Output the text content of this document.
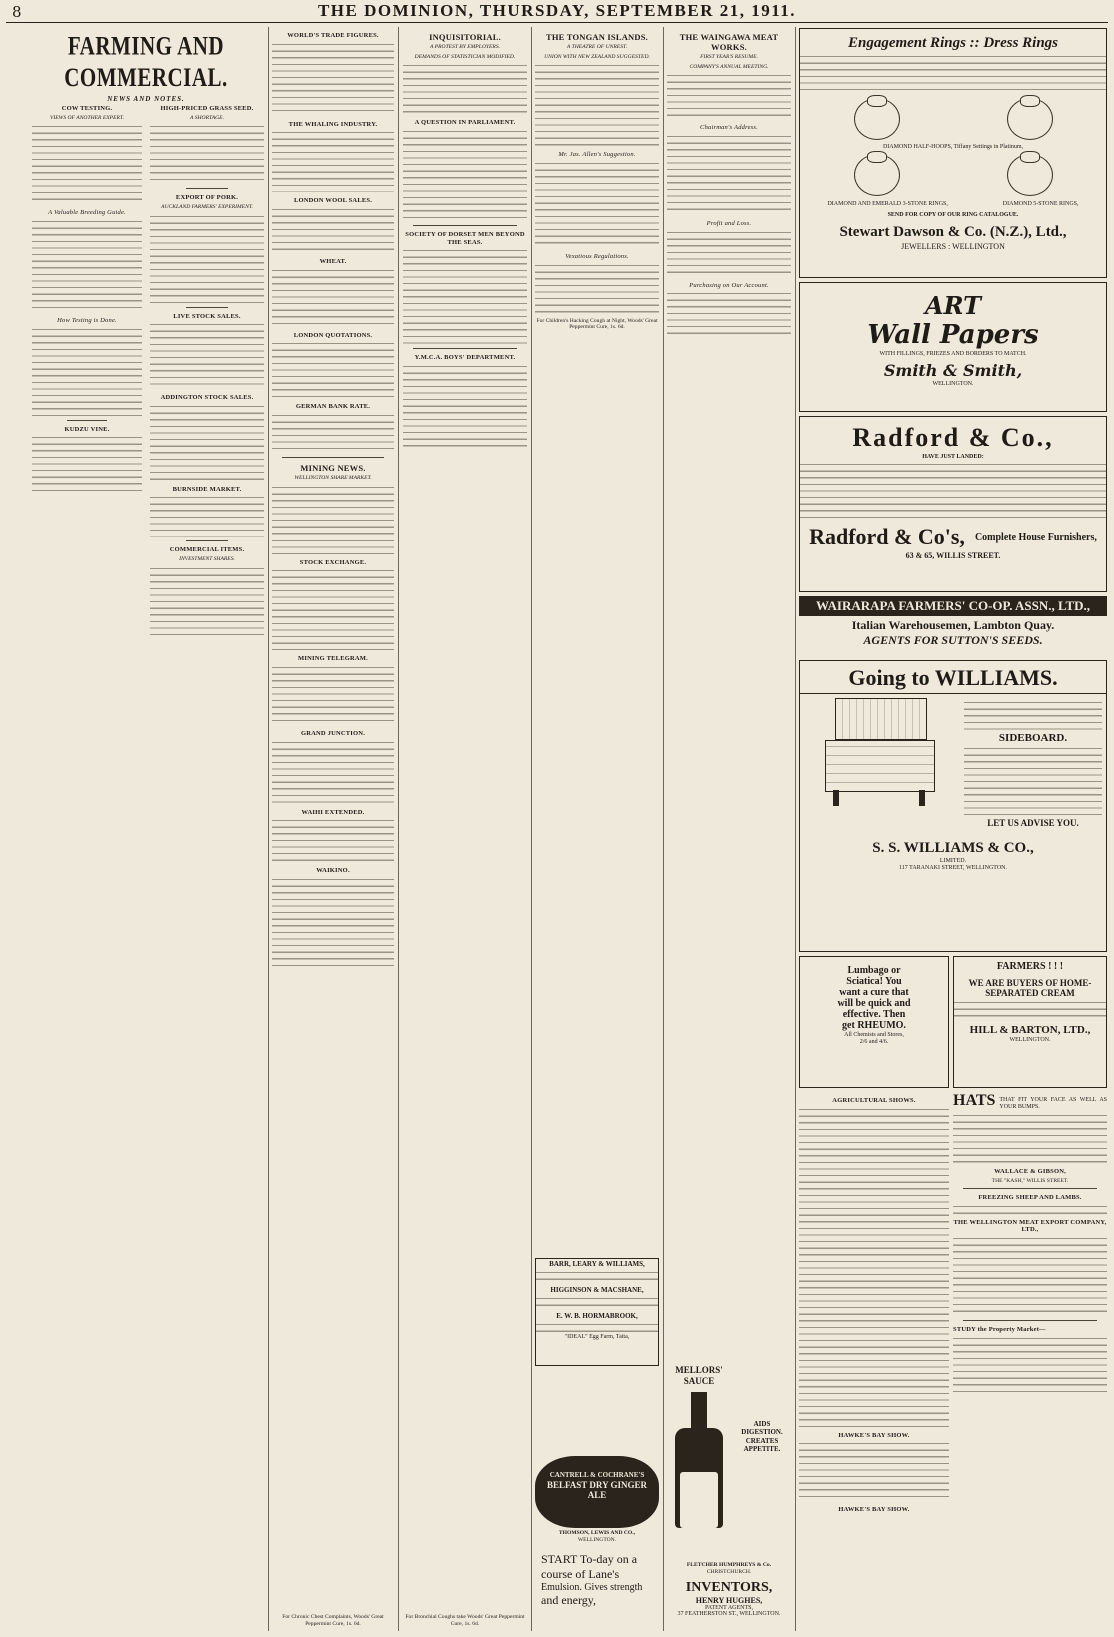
8	THE DOMINION, THURSDAY, SEPTEMBER 21, 1911.
FARMING AND COMMERCIAL.
NEWS AND NOTES.
COW TESTING.
VIEWS OF ANOTHER EXPERT.
A Valuable Breeding Guide.
How Testing is Done.
KUDZU VINE.
HIGH-PRICED GRASS SEED.
A SHORTAGE.
EXPORT OF PORK.
AUCKLAND FARMERS' EXPERIMENT.
LIVE STOCK SALES.
ADDINGTON STOCK SALES.
BURNSIDE MARKET.
COMMERCIAL ITEMS.
INVESTMENT SHARES.
WORLD'S TRADE FIGURES.
THE WHALING INDUSTRY.
LONDON WOOL SALES.
WHEAT.
LONDON QUOTATIONS.
GERMAN BANK RATE.
MINING NEWS.
WELLINGTON SHARE MARKET.
STOCK EXCHANGE.
MINING TELEGRAM.
GRAND JUNCTION.
WAIHI EXTENDED.
WAIKINO.
For Chronic Chest Complaints, Woods' Great Peppermint Cure, 1s. 6d.
INQUISITORIAL.
A PROTEST BY EMPLOYERS.
DEMANDS OF STATISTICIAN MODIFIED.
A QUESTION IN PARLIAMENT.
SOCIETY OF DORSET MEN BEYOND THE SEAS.
Y.M.C.A. BOYS' DEPARTMENT.
For Bronchial Coughs take Woods' Great Peppermint Cure, 1s. 6d.
THE TONGAN ISLANDS.
A THEATRE OF UNREST.
UNION WITH NEW ZEALAND SUGGESTED.
Mr. Jas. Allen's Suggestion.
Vexatious Regulations.
For Children's Hacking Cough at Night, Woods' Great Peppermint Cure, 1s. 6d.
BARR, LEARY & WILLIAMS,
HIGGINSON & MACSHANE,
E. W. B. HORMABROOK,
"IDEAL" Egg Farm, Taita,
CANTRELL & COCHRANE'S
BELFAST DRY GINGER ALE
THOMSON, LEWIS AND CO.,
WELLINGTON.
START To-day on a
course of Lane's
Emulsion. Gives strength
and energy,
THE WAINGAWA MEAT WORKS.
FIRST YEAR'S RESUME.
COMPANY'S ANNUAL MEETING.
Chairman's Address.
Profit and Loss.
Purchasing on Our Account.
MELLORS'
SAUCE
AIDS DIGESTION. CREATES APPETITE.
FLETCHER HUMPHREYS & Co.
CHRISTCHURCH.
INVENTORS,
HENRY HUGHES,
PATENT AGENTS,
37 FEATHERSTON ST., WELLINGTON.
Engagement Rings :: Dress Rings
DIAMOND HALF-HOOPS, Tiffany Settings in Platinum,
DIAMOND AND EMERALD 3-STONE RINGS,	DIAMOND 5-STONE RINGS,
SEND FOR COPY OF OUR RING CATALOGUE.
Stewart Dawson & Co. (N.Z.), Ltd.,
JEWELLERS : WELLINGTON
ART
Wall Papers
WITH FILLINGS, FRIEZES AND BORDERS TO MATCH.
Smith & Smith,
WELLINGTON.
Radford & Co.,
HAVE JUST LANDED:
Radford & Co's, Complete House Furnishers,
63 & 65, WILLIS STREET.
WAIRARAPA FARMERS' CO-OP. ASSN., LTD.,
Italian Warehousemen, Lambton Quay.
AGENTS FOR SUTTON'S SEEDS.
Going to WILLIAMS.
SIDEBOARD.
LET US ADVISE YOU.
S. S. WILLIAMS & CO.,
LIMITED.
117 TARANAKI STREET, WELLINGTON.
Lumbago or
Sciatica! You
want a cure that
will be quick and
effective. Then
get RHEUMO.
All Chemists and Stores,
2/6 and 4/6.
FARMERS ! ! !
WE ARE BUYERS OF HOME-SEPARATED CREAM
HILL & BARTON, LTD.,
WELLINGTON.
HATS THAT FIT YOUR FACE AS WELL AS YOUR BUMPS.
WALLACE & GIBSON,
THE "KASH," WILLIS STREET.
FREEZING SHEEP AND LAMBS.
THE WELLINGTON MEAT EXPORT COMPANY, LTD.,
STUDY the Property Market—
AGRICULTURAL SHOWS.
HAWKE'S BAY SHOW.
HAWKE'S BAY SHOW.
